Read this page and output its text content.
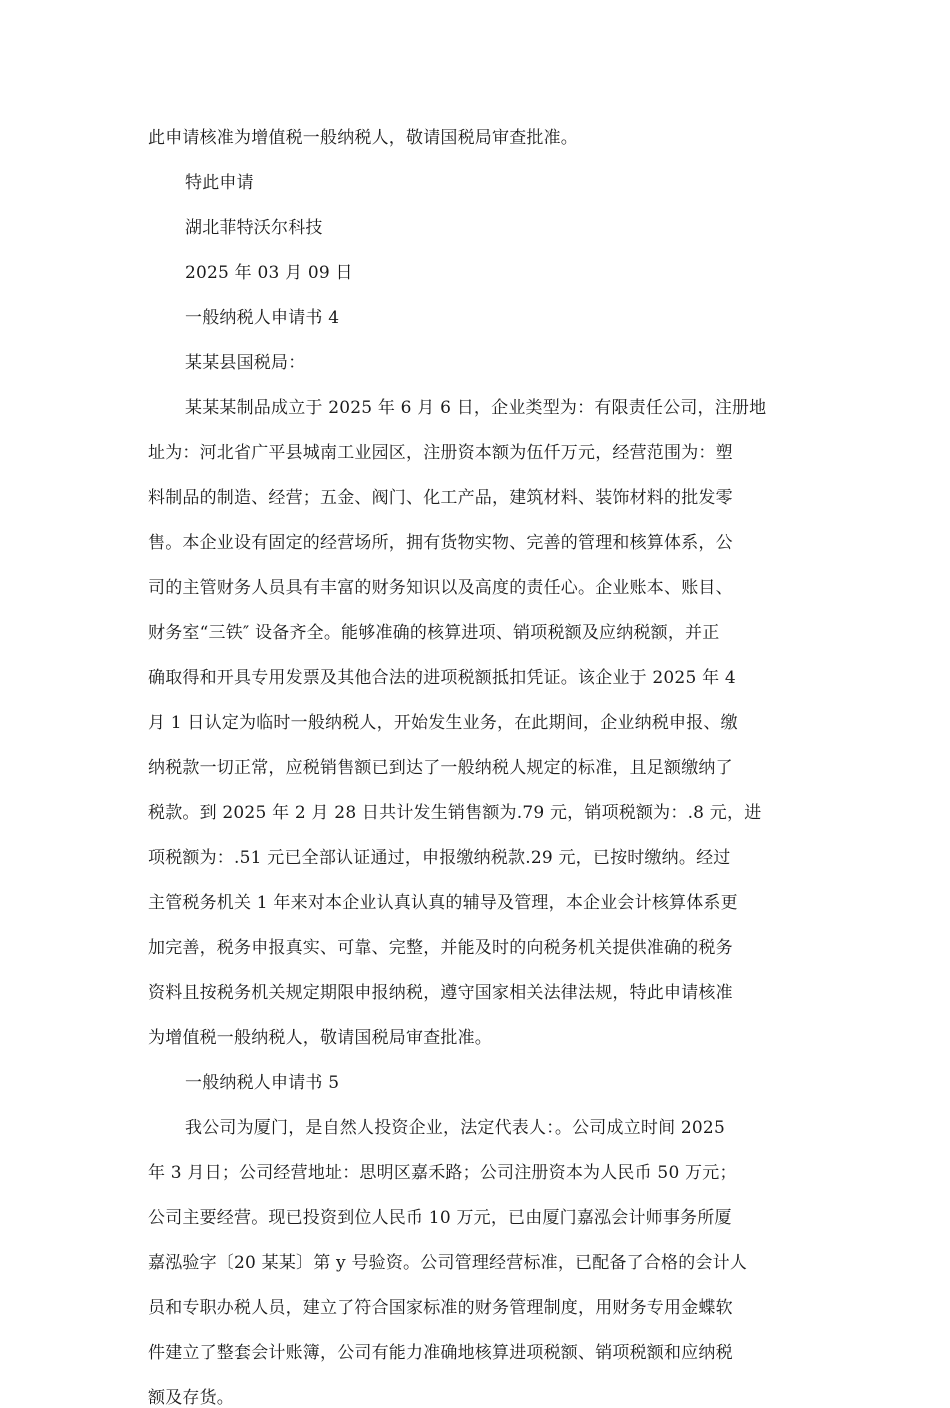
此申请核准为增值税一般纳税人，敬请国税局审查批准。
特此申请
湖北菲特沃尔科技
2025 年 03 月 09 日
一般纳税人申请书 4
某某县国税局：
某某某制品成立于 2025 年 6 月 6 日，企业类型为：有限责任公司，注册地
址为：河北省广平县城南工业园区，注册资本额为伍仟万元，经营范围为：塑
料制品的制造、经营；五金、阀门、化工产品，建筑材料、装饰材料的批发零
售。本企业设有固定的经营场所，拥有货物实物、完善的管理和核算体系，公
司的主管财务人员具有丰富的财务知识以及高度的责任心。企业账本、账目、
财务室“三铁″ 设备齐全。能够准确的核算进项、销项税额及应纳税额，并正
确取得和开具专用发票及其他合法的进项税额抵扣凭证。该企业于 2025 年 4
月 1 日认定为临时一般纳税人，开始发生业务，在此期间，企业纳税申报、缴
纳税款一切正常，应税销售额已到达了一般纳税人规定的标准，且足额缴纳了
税款。到 2025 年 2 月 28 日共计发生销售额为.79 元，销项税额为：.8 元，进
项税额为：.51 元已全部认证通过，申报缴纳税款.29 元，已按时缴纳。经过
主管税务机关 1 年来对本企业认真认真的辅导及管理，本企业会计核算体系更
加完善，税务申报真实、可靠、完整，并能及时的向税务机关提供准确的税务
资料且按税务机关规定期限申报纳税，遵守国家相关法律法规，特此申请核准
为增值税一般纳税人，敬请国税局审查批准。
一般纳税人申请书 5
我公司为厦门，是自然人投资企业，法定代表人：。公司成立时间 2025
年 3 月日；公司经营地址：思明区嘉禾路；公司注册资本为人民币 50 万元；
公司主要经营。现已投资到位人民币 10 万元，已由厦门嘉泓会计师事务所厦
嘉泓验字〔20 某某〕第 y 号验资。公司管理经营标准，已配备了合格的会计人
员和专职办税人员，建立了符合国家标准的财务管理制度，用财务专用金蝶软
件建立了整套会计账簿，公司有能力准确地核算进项税额、销项税额和应纳税
额及存货。
